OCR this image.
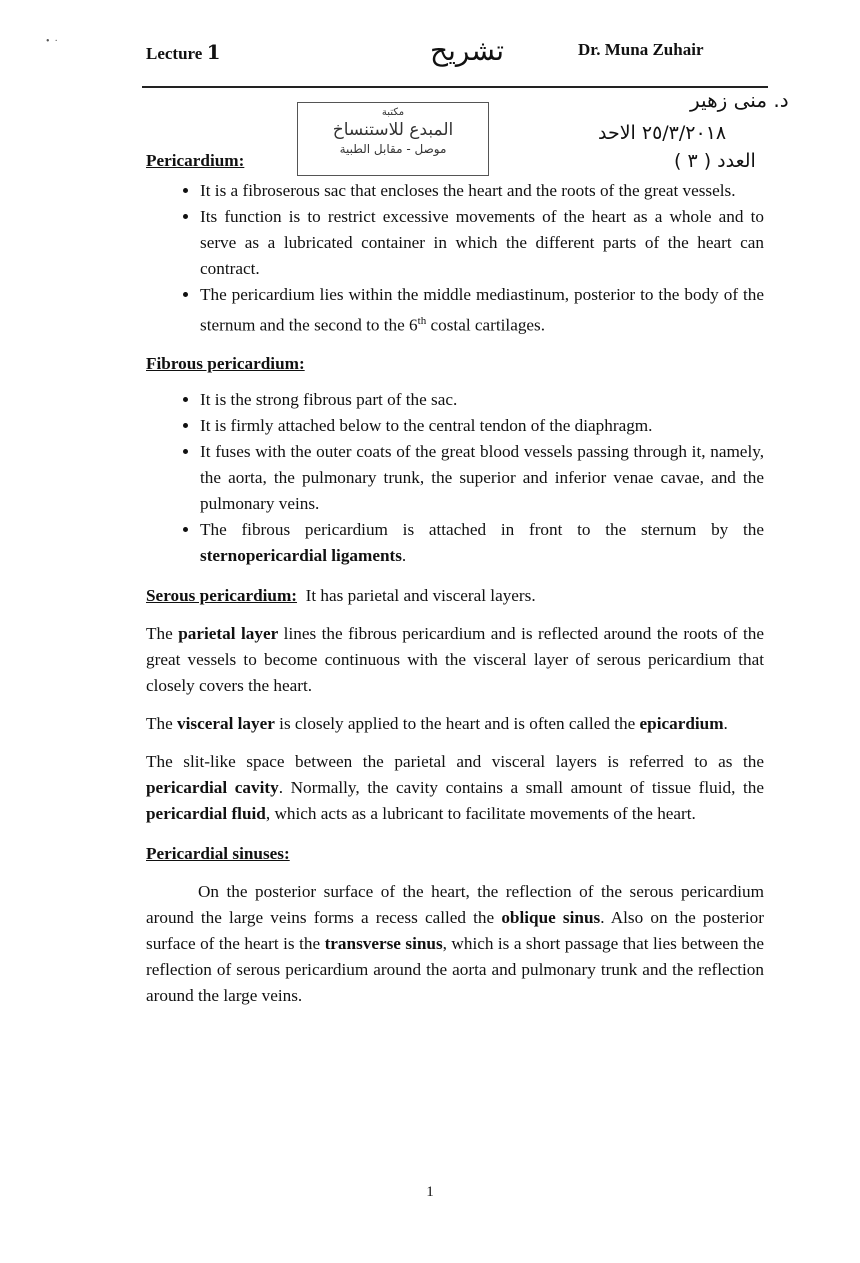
•  ·
Lecture 1	تشريح	Dr. Muna Zuhair
مكتبة
المبدع للاستنساخ
موصل - مقابل الطبية
د. منى زهير
٢٥/٣/٢٠١٨ الاحد
العدد ( ٣ )
Pericardium:
• It is a fibroserous sac that encloses the heart and the roots of the great vessels.
• Its function is to restrict excessive movements of the heart as a whole and to serve as a lubricated container in which the different parts of the heart can contract.
• The pericardium lies within the middle mediastinum, posterior to the body of the sternum and the second to the 6th costal cartilages.
Fibrous pericardium:
• It is the strong fibrous part of the sac.
• It is firmly attached below to the central tendon of the diaphragm.
• It fuses with the outer coats of the great blood vessels passing through it, namely, the aorta, the pulmonary trunk, the superior and inferior venae cavae, and the pulmonary veins.
• The fibrous pericardium is attached in front to the sternum by the sternopericardial ligaments.
Serous pericardium: It has parietal and visceral layers.

The parietal layer lines the fibrous pericardium and is reflected around the roots of the great vessels to become continuous with the visceral layer of serous pericardium that closely covers the heart.

The visceral layer is closely applied to the heart and is often called the epicardium.

The slit-like space between the parietal and visceral layers is referred to as the pericardial cavity. Normally, the cavity contains a small amount of tissue fluid, the pericardial fluid, which acts as a lubricant to facilitate movements of the heart.

Pericardial sinuses:

On the posterior surface of the heart, the reflection of the serous pericardium around the large veins forms a recess called the oblique sinus. Also on the posterior surface of the heart is the transverse sinus, which is a short passage that lies between the reflection of serous pericardium around the aorta and pulmonary trunk and the reflection around the large veins.

1
